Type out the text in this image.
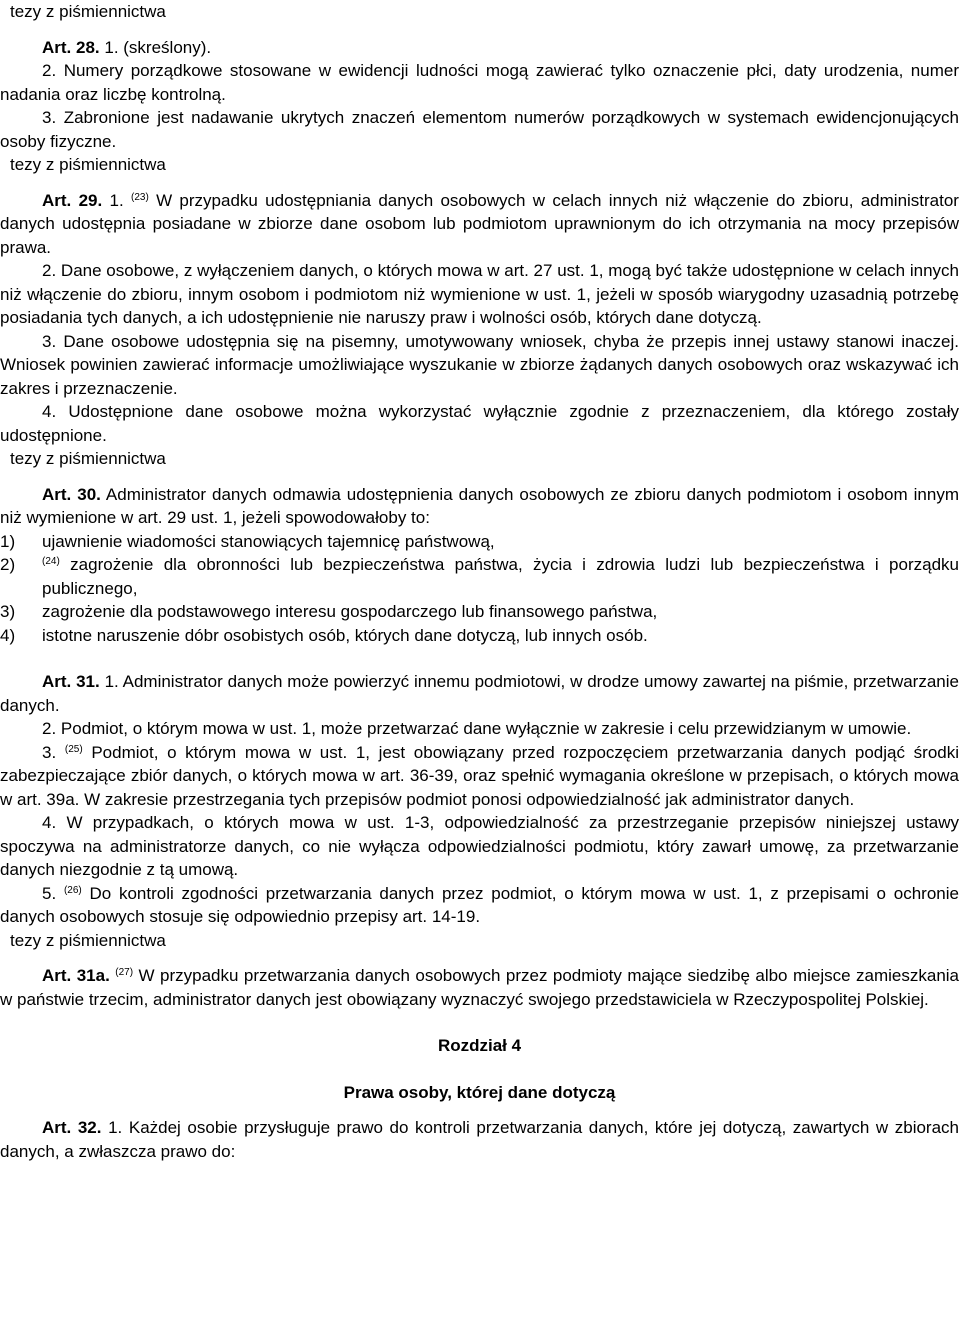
tezy z piśmiennictwa

Art. 28. 1. (skreślony).

2. Numery porządkowe stosowane w ewidencji ludności mogą zawierać tylko oznaczenie płci, daty urodzenia, numer nadania oraz liczbę kontrolną.

3. Zabronione jest nadawanie ukrytych znaczeń elementom numerów porządkowych w systemach ewidencjonujących osoby fizyczne.

tezy z piśmiennictwa

Art. 29. 1. $^{(23)}$ W przypadku udostępniania danych osobowych w celach innych niż włączenie do zbioru, administrator danych udostępnia posiadane w zbiorze dane osobom lub podmiotom uprawnionym do ich otrzymania na mocy przepisów prawa.

2. Dane osobowe, z wyłączeniem danych, o których mowa w art. 27 ust. 1, mogą być także udostępnione w celach innych niż włączenie do zbioru, innym osobom i podmiotom niż wymienione w ust. 1, jeżeli w sposób wiarygodny uzasadnią potrzebę posiadania tych danych, a ich udostępnienie nie naruszy praw i wolności osób, których dane dotyczą.

3. Dane osobowe udostępnia się na pisemny, umotywowany wniosek, chyba że przepis innej ustawy stanowi inaczej. Wniosek powinien zawierać informacje umożliwiające wyszukanie w zbiorze żądanych danych osobowych oraz wskazywać ich zakres i przeznaczenie.

4. Udostępnione dane osobowe można wykorzystać wyłącznie zgodnie z przeznaczeniem, dla którego zostały udostępnione.

tezy z piśmiennictwa

Art. 30. Administrator danych odmawia udostępnienia danych osobowych ze zbioru danych podmiotom i osobom innym niż wymienione w art. 29 ust. 1, jeżeli spowodowałoby to:

1)	ujawnienie wiadomości stanowiących tajemnicę państwową,
2)	$^{(24)}$ zagrożenie dla obronności lub bezpieczeństwa państwa, życia i zdrowia ludzi lub bezpieczeństwa i porządku publicznego,
3)	zagrożenie dla podstawowego interesu gospodarczego lub finansowego państwa,
4)	istotne naruszenie dóbr osobistych osób, których dane dotyczą, lub innych osób.

Art. 31. 1. Administrator danych może powierzyć innemu podmiotowi, w drodze umowy zawartej na piśmie, przetwarzanie danych.

2. Podmiot, o którym mowa w ust. 1, może przetwarzać dane wyłącznie w zakresie i celu przewidzianym w umowie.

3. $^{(25)}$ Podmiot, o którym mowa w ust. 1, jest obowiązany przed rozpoczęciem przetwarzania danych podjąć środki zabezpieczające zbiór danych, o których mowa w art. 36-39, oraz spełnić wymagania określone w przepisach, o których mowa w art. 39a. W zakresie przestrzegania tych przepisów podmiot ponosi odpowiedzialność jak administrator danych.

4. W przypadkach, o których mowa w ust. 1-3, odpowiedzialność za przestrzeganie przepisów niniejszej ustawy spoczywa na administratorze danych, co nie wyłącza odpowiedzialności podmiotu, który zawarł umowę, za przetwarzanie danych niezgodnie z tą umową.

5. $^{(26)}$ Do kontroli zgodności przetwarzania danych przez podmiot, o którym mowa w ust. 1, z przepisami o ochronie danych osobowych stosuje się odpowiednio przepisy art. 14-19.

tezy z piśmiennictwa

Art. 31a. $^{(27)}$ W przypadku przetwarzania danych osobowych przez podmioty mające siedzibę albo miejsce zamieszkania w państwie trzecim, administrator danych jest obowiązany wyznaczyć swojego przedstawiciela w Rzeczypospolitej Polskiej.

Rozdział 4

Prawa osoby, której dane dotyczą

Art. 32. 1. Każdej osobie przysługuje prawo do kontroli przetwarzania danych, które jej dotyczą, zawartych w zbiorach danych, a zwłaszcza prawo do:
